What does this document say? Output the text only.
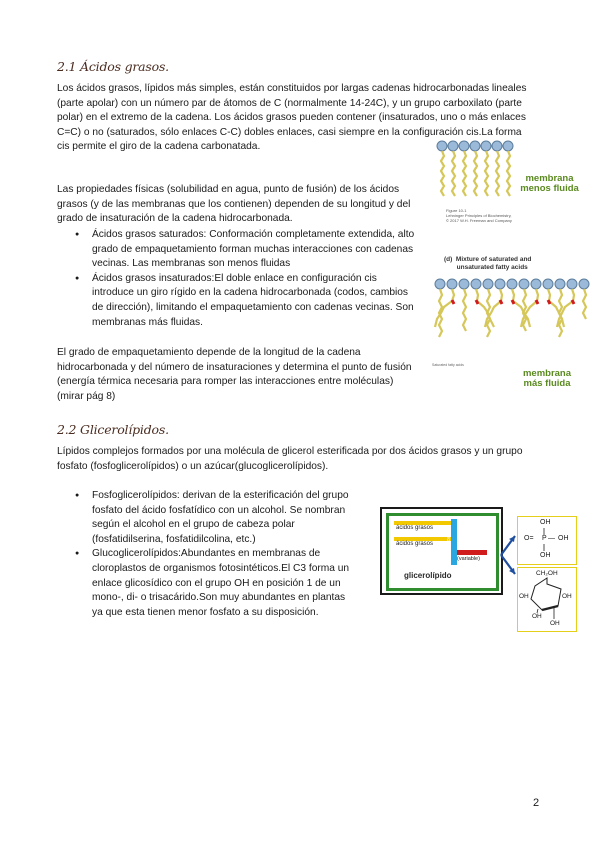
2.1 Ácidos grasos.

Los ácidos grasos, lípidos más simples, están constituidos por largas cadenas hidrocarbonadas lineales (parte apolar) con un número par de átomos de C (normalmente 14-24C), y un grupo carboxilato (parte polar) en el extremo de la cadena. Los ácidos grasos pueden contener (insaturados, uno o más enlaces C=C) o no (saturados, sólo enlaces C-C) dobles enlaces, casi siempre en la configuración cis.La forma cis permite el giro de la cadena carbonatada.

Las propiedades físicas (solubilidad en agua, punto de fusión) de los ácidos grasos (y de las membranas que los contienen) dependen de su longitud y del grado de insaturación de la cadena hidrocarbonada.

● Ácidos grasos saturados: Conformación completamente extendida, alto grado de empaquetamiento forman muchas interacciones con cadenas vecinas. Las membranas son menos fluidas
● Ácidos grasos insaturados:El doble enlace en configuración cis introduce un giro rígido en la cadena hidrocarbonada (codos, cambios de dirección), limitando el empaquetamiento con cadenas vecinas. Son membranas más fluidas.

El grado de empaquetamiento depende de la longitud de la cadena hidrocarbonada y del número de insaturaciones y determina el punto de fusión (energía térmica necesaria para romper las interacciones entre moléculas)(mirar pág 8)

membrana
menos fluida
Figure 10-1
Lehninger Principles of Biochemistry,
© 2017 W.H. Freeman and Company
(d)  Mixture of saturated and
unsaturated fatty acids
Saturated fatty acids
membrana
más fluida
2.2 Glicerolípidos.

Lípidos complejos formados por una molécula de glicerol esterificada por dos ácidos grasos y un grupo fosfato (fosfoglicerolípidos) o un azúcar(glucoglicerolípidos).

● Fosfoglicerolípidos: derivan de la esterificación del grupo fosfato del ácido fosfatídico con un alcohol. Se nombran según el alcohol en el grupo de cabeza polar (fosfatidilserina, fosfatidilcolina, etc.)
● Glucoglicerolípidos:Abundantes en membranas de cloroplastos de organismos fotosintéticos.El C3 forma un enlace glicosídico con el grupo OH en posición 1 de un mono-, di- o trisacárido.Son muy abundantes en plantas ya que esta tienen menor fosfato a su disposición.
ácidos grasos
ácidos grasos glicerol
(variable)
glicerolípido
OH
O= P — OH
OH
CH₂OH
OH	OH
OH
OH
2
